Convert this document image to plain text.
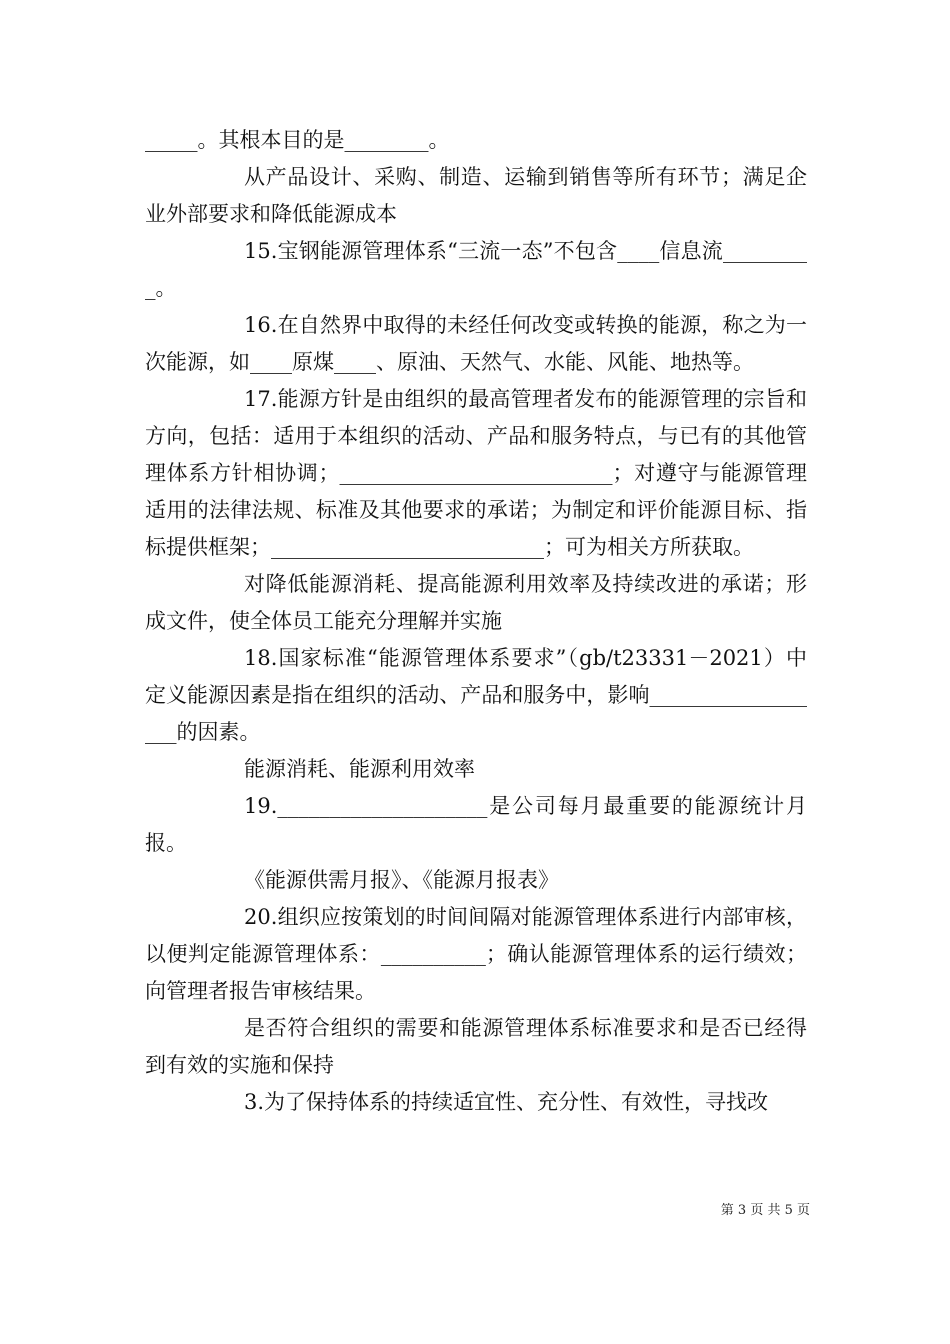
_____。其根本目的是________。

从产品设计、采购、制造、运输到销售等所有环节；满足企业外部要求和降低能源成本

15.宝钢能源管理体系“三流一态”不包含____信息流_________。

16.在自然界中取得的未经任何改变或转换的能源，称之为一次能源，如____原煤____、原油、天然气、水能、风能、地热等。

17.能源方针是由组织的最高管理者发布的能源管理的宗旨和方向，包括：适用于本组织的活动、产品和服务特点，与已有的其他管理体系方针相协调；__________________________；对遵守与能源管理适用的法律法规、标准及其他要求的承诺；为制定和评价能源目标、指标提供框架；__________________________；可为相关方所获取。

对降低能源消耗、提高能源利用效率及持续改进的承诺；形成文件，使全体员工能充分理解并实施

18.国家标准“能源管理体系要求”（gb/t23331－2021）中定义能源因素是指在组织的活动、产品和服务中，影响__________________的因素。

能源消耗、能源利用效率

19.____________________是公司每月最重要的能源统计月报。

《能源供需月报》、《能源月报表》

20.组织应按策划的时间间隔对能源管理体系进行内部审核，以便判定能源管理体系：__________；确认能源管理体系的运行绩效；向管理者报告审核结果。

是否符合组织的需要和能源管理体系标准要求和是否已经得到有效的实施和保持

3.为了保持体系的持续适宜性、充分性、有效性，寻找改

第 3 页 共 5 页
